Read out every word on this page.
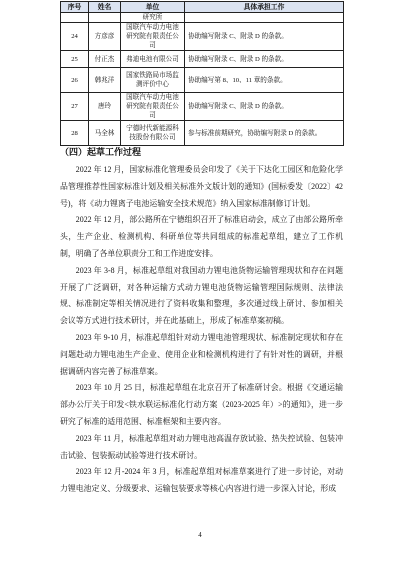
序号	姓名	单位	具体承担工作
		研究所	
24	方彦彦	国联汽车动力电池研究院有限责任公司	协助编写附录 C、附录 D 的条款。
25	付正杰	弗迪电池有限公司	协助编写附录 C、附录 D 的条款。
26	韩兆洋	国家铁路局市场监测评价中心	协助编写第 8、10、11 章的条款。
27	唐玲	国联汽车动力电池研究院有限责任公司	协助编写附录 C、附录 D 的条款。
28	马全林	宁德时代新能源科技股份有限公司	参与标准前期研究，协助编写附录 D 的条款。
（四）起草工作过程

2022 年 12 月，国家标准化管理委员会印发了《关于下达化工园区和危险化学品管理推荐性国家标准计划及相关标准外文版计划的通知》(国标委发〔2022〕42 号)，将《动力锂离子电池运输安全技术规范》纳入国家标准制修订计划。

2022 年 12 月，部公路所在宁德组织召开了标准启动会，成立了由部公路所牵头，生产企业、检测机构、科研单位等共同组成的标准起草组，建立了工作机制，明确了各单位职责分工和工作进度安排。

2023 年 3-8 月，标准起草组对我国动力锂电池货物运输管理现状和存在问题开展了广泛调研，对各种运输方式动力锂电池货物运输管理国际规则、法律法规、标准制定等相关情况进行了资料收集和整理，多次通过线上研讨、参加相关会议等方式进行技术研讨，并在此基础上，形成了标准草案初稿。

2023 年 9-10 月，标准起草组针对动力锂电池管理现状、标准制定现状和存在问题赴动力锂电池生产企业、使用企业和检测机构进行了有针对性的调研，并根据调研内容完善了标准草案。

2023 年 10 月 25 日，标准起草组在北京召开了标准研讨会。根据《交通运输部办公厅关于印发<铁水联运标准化行动方案（2023-2025 年）>的通知》，进一步研究了标准的适用范围、标准框架和主要内容。

2023 年 11 月，标准起草组对动力锂电池高温存放试验、热失控试验、包装冲击试验、包装振动试验等进行技术研讨。

2023 年 12 月-2024 年 3 月，标准起草组对标准草案进行了进一步讨论，对动力锂电池定义、分级要求、运输包装要求等核心内容进行进一步深入讨论，形成

4
